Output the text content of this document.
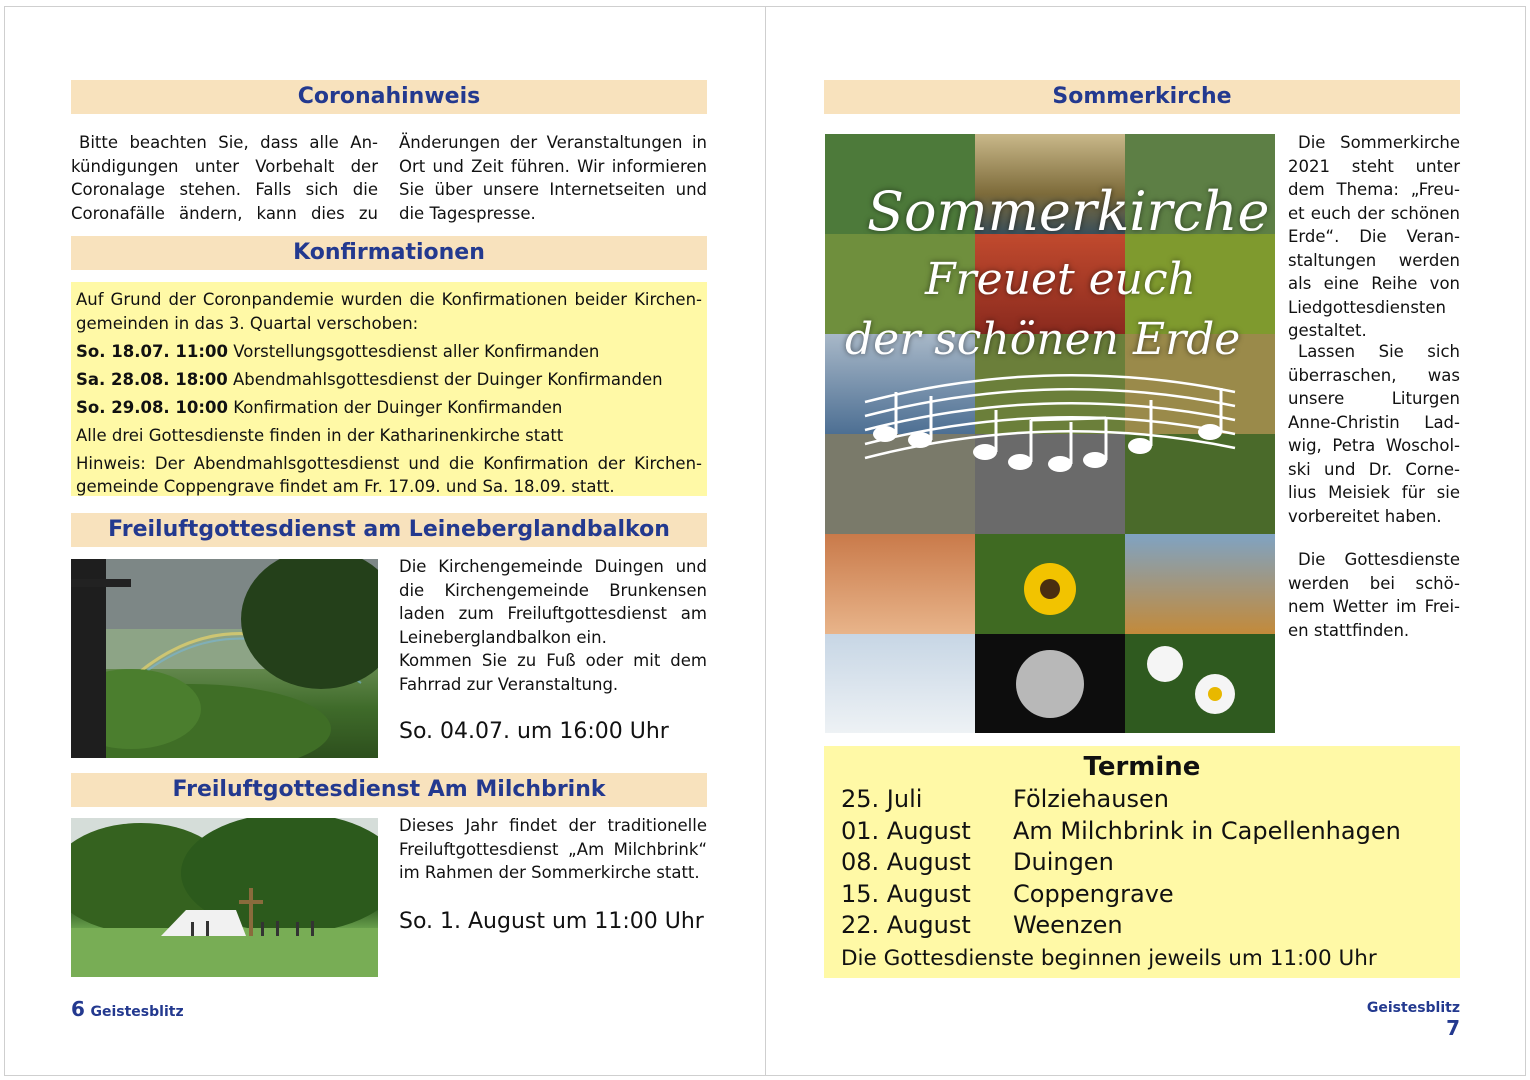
Coronahinweis
Bitte beachten Sie, dass alle An-
kündigungen unter Vorbehalt der
Coronalage stehen. Falls sich die
Coronafälle ändern, kann dies zu
Änderungen der Veranstaltungen in
Ort und Zeit führen. Wir informieren
Sie über unsere Internetseiten und
die Tagespresse.
Konfirmationen
Auf Grund der Coronpandemie wurden die Konfirmationen beider Kirchen-
gemeinden in das 3. Quartal verschoben:
So. 18.07. 11:00 Vorstellungsgottesdienst aller Konfirmanden
Sa. 28.08. 18:00 Abendmahlsgottesdienst der Duinger Konfirmanden
So. 29.08. 10:00 Konfirmation der Duinger Konfirmanden
Alle drei Gottesdienste finden in der Katharinenkirche statt
Hinweis: Der Abendmahlsgottesdienst und die Konfirmation der Kirchen-
gemeinde Coppengrave findet am Fr. 17.09. und Sa. 18.09. statt.
Freiluftgottesdienst am Leineberglandbalkon
Die Kirchengemeinde Duingen und
die Kirchengemeinde Brunkensen
laden zum Freiluftgottesdienst am
Leineberglandbalkon ein.
Kommen Sie zu Fuß oder mit dem
Fahrrad zur Veranstaltung.
So. 04.07. um 16:00 Uhr
Freiluftgottesdienst Am Milchbrink
Dieses Jahr findet der traditionelle
Freiluftgottesdienst „Am Milchbrink“
im Rahmen der Sommerkirche statt.
So. 1. August um 11:00 Uhr
6 Geistesblitz
Sommerkirche
Sommerkirche
Freuet euch
der schönen Erde
Die Sommerkirche
2021 steht unter
dem Thema: „Freu-
et euch der schönen
Erde“. Die Veran-
staltungen werden
als eine Reihe von
Liedgottesdiensten
gestaltet.
Lassen Sie sich
überraschen, was
unsere Liturgen
Anne-Christin Lad-
wig, Petra Woschol-
ski und Dr. Corne-
lius Meisiek für sie
vorbereitet haben.
Die Gottesdienste
werden bei schö-
nem Wetter im Frei-
en stattfinden.
Termine
25. Juli	Fölziehausen
01. August Am Milchbrink in Capellenhagen
08. August Duingen
15. August Coppengrave
22. August Weenzen
Die Gottesdienste beginnen jeweils um 11:00 Uhr
Geistesblitz 7
